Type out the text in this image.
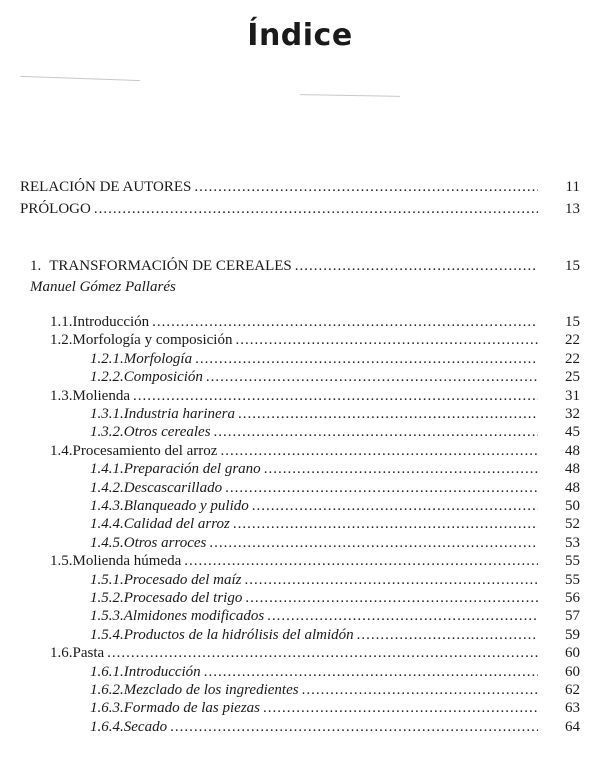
Índice
RELACIÓN DE AUTORES .....	11
PRÓLOGO .....	13
1. TRANSFORMACIÓN DE CEREALES .....	15
Manuel Gómez Pallarés
1.1. Introducción .....	15
1.2. Morfología y composición .....	22
1.2.1. Morfología .....	22
1.2.2. Composición .....	25
1.3. Molienda .....	31
1.3.1. Industria harinera .....	32
1.3.2. Otros cereales .....	45
1.4. Procesamiento del arroz .....	48
1.4.1. Preparación del grano .....	48
1.4.2. Descascarillado .....	48
1.4.3. Blanqueado y pulido .....	50
1.4.4. Calidad del arroz .....	52
1.4.5. Otros arroces .....	53
1.5. Molienda húmeda .....	55
1.5.1. Procesado del maíz .....	55
1.5.2. Procesado del trigo .....	56
1.5.3. Almidones modificados .....	57
1.5.4. Productos de la hidrólisis del almidón .....	59
1.6. Pasta .....	60
1.6.1. Introducción .....	60
1.6.2. Mezclado de los ingredientes .....	62
1.6.3. Formado de las piezas .....	63
1.6.4. Secado .....	64
